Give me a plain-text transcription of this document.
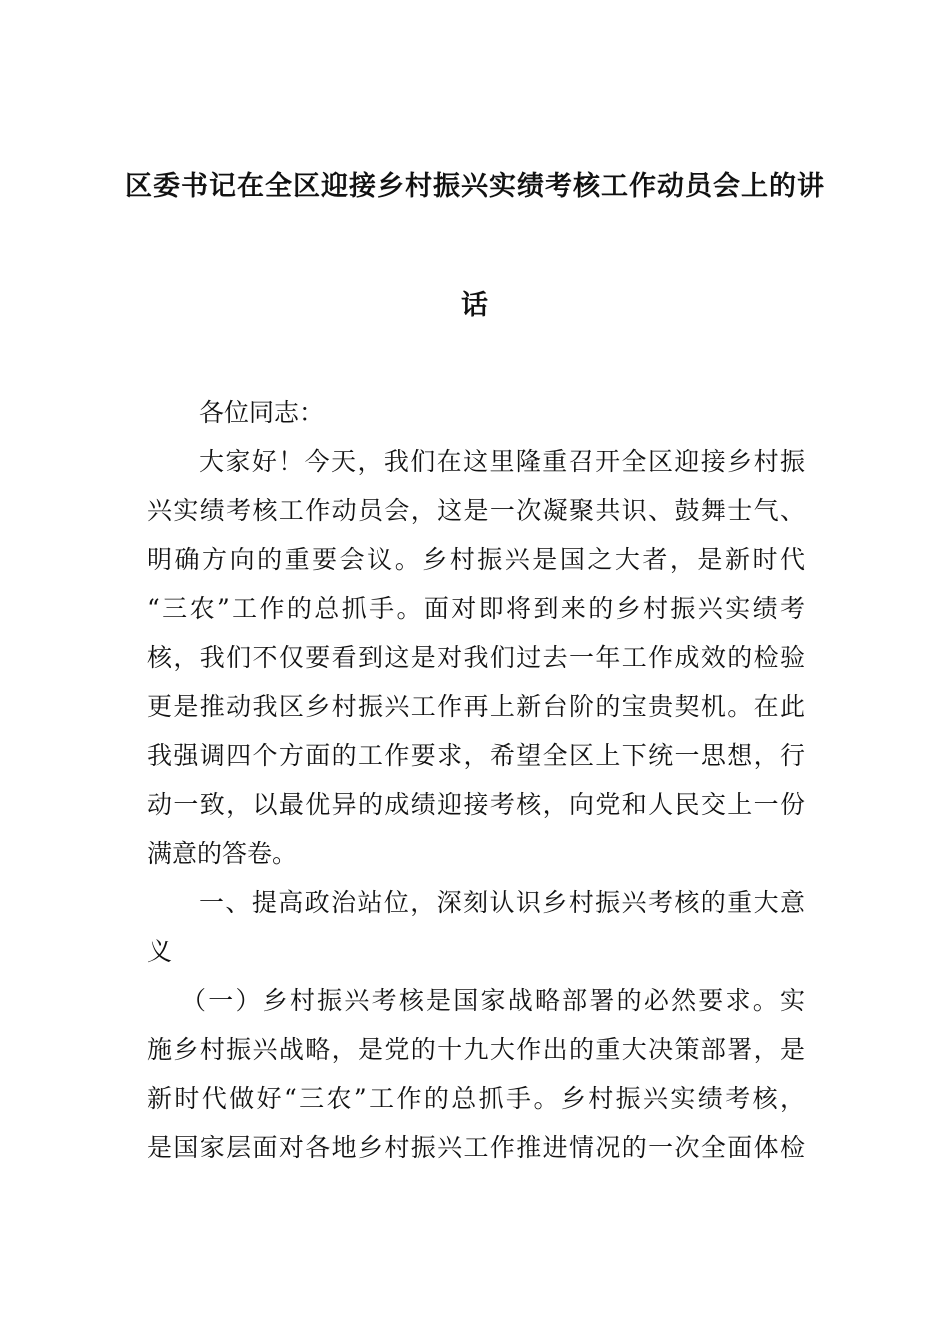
区委书记在全区迎接乡村振兴实绩考核工作动员会上的讲
话
各位同志：
大家好！今天，我们在这里隆重召开全区迎接乡村振
兴实绩考核工作动员会，这是一次凝聚共识、鼓舞士气、
明确方向的重要会议。乡村振兴是国之大者，是新时代
“三农”工作的总抓手。面对即将到来的乡村振兴实绩考
核，我们不仅要看到这是对我们过去一年工作成效的检验
更是推动我区乡村振兴工作再上新台阶的宝贵契机。在此
我强调四个方面的工作要求，希望全区上下统一思想，行
动一致，以最优异的成绩迎接考核，向党和人民交上一份
满意的答卷。
一、提高政治站位，深刻认识乡村振兴考核的重大意
义
（一）乡村振兴考核是国家战略部署的必然要求。实
施乡村振兴战略，是党的十九大作出的重大决策部署，是
新时代做好“三农”工作的总抓手。乡村振兴实绩考核，
是国家层面对各地乡村振兴工作推进情况的一次全面体检
